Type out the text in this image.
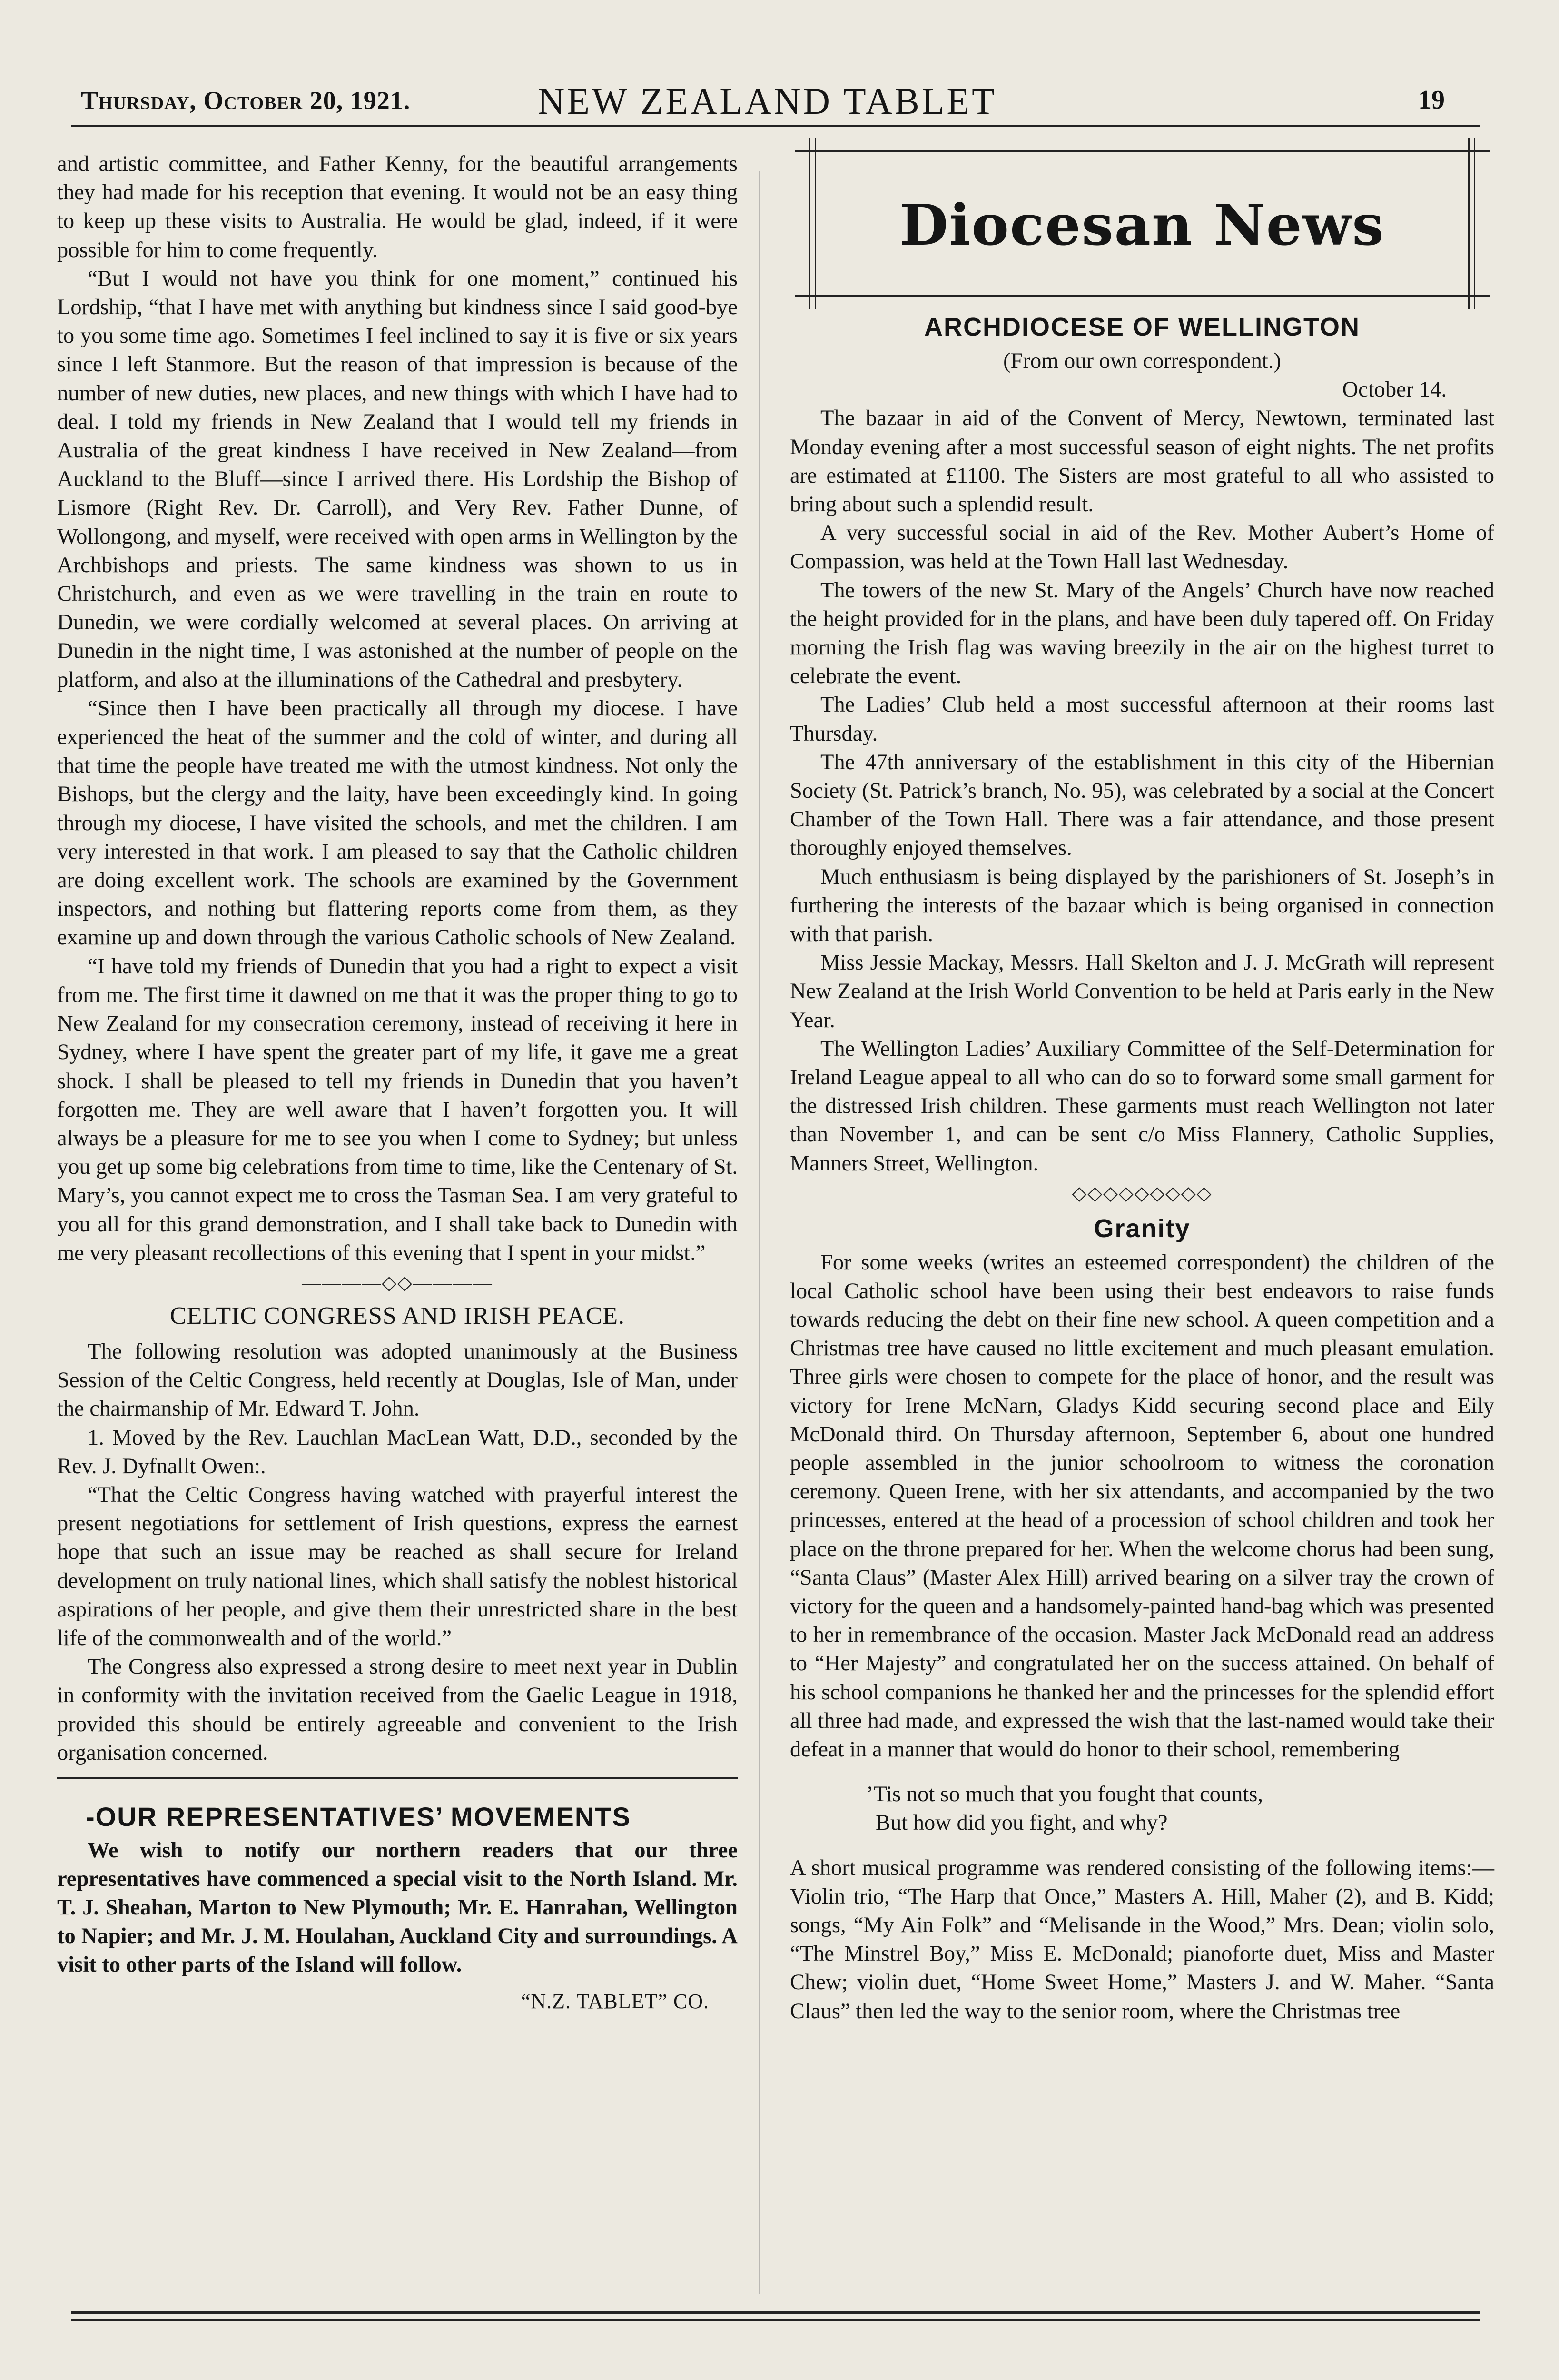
Thursday, October 20, 1921.	NEW ZEALAND TABLET	19

and artistic committee, and Father Kenny, for the beautiful arrangements they had made for his reception that evening. It would not be an easy thing to keep up these visits to Australia. He would be glad, indeed, if it were possible for him to come frequently.

“But I would not have you think for one moment,” continued his Lordship, “that I have met with anything but kindness since I said good-bye to you some time ago. Sometimes I feel inclined to say it is five or six years since I left Stanmore. But the reason of that impression is because of the number of new duties, new places, and new things with which I have had to deal. I told my friends in New Zealand that I would tell my friends in Australia of the great kindness I have received in New Zealand—from Auckland to the Bluff—since I arrived there. His Lordship the Bishop of Lismore (Right Rev. Dr. Carroll), and Very Rev. Father Dunne, of Wollongong, and myself, were received with open arms in Wellington by the Archbishops and priests. The same kindness was shown to us in Christchurch, and even as we were travelling in the train en route to Dunedin, we were cordially welcomed at several places. On arriving at Dunedin in the night time, I was astonished at the number of people on the platform, and also at the illuminations of the Cathedral and presbytery.

“Since then I have been practically all through my diocese. I have experienced the heat of the summer and the cold of winter, and during all that time the people have treated me with the utmost kindness. Not only the Bishops, but the clergy and the laity, have been exceedingly kind. In going through my diocese, I have visited the schools, and met the children. I am very interested in that work. I am pleased to say that the Catholic children are doing excellent work. The schools are examined by the Government inspectors, and nothing but flattering reports come from them, as they examine up and down through the various Catholic schools of New Zealand.

“I have told my friends of Dunedin that you had a right to expect a visit from me. The first time it dawned on me that it was the proper thing to go to New Zealand for my consecration ceremony, instead of receiving it here in Sydney, where I have spent the greater part of my life, it gave me a great shock. I shall be pleased to tell my friends in Dunedin that you haven’t forgotten me. They are well aware that I haven’t forgotten you. It will always be a pleasure for me to see you when I come to Sydney; but unless you get up some big celebrations from time to time, like the Centenary of St. Mary’s, you cannot expect me to cross the Tasman Sea. I am very grateful to you all for this grand demonstration, and I shall take back to Dunedin with me very pleasant recollections of this evening that I spent in your midst.”

————◇◇————
CELTIC CONGRESS AND IRISH PEACE.

The following resolution was adopted unanimously at the Business Session of the Celtic Congress, held recently at Douglas, Isle of Man, under the chairmanship of Mr. Edward T. John.

1. Moved by the Rev. Lauchlan MacLean Watt, D.D., seconded by the Rev. J. Dyfnallt Owen:.

“That the Celtic Congress having watched with prayerful interest the present negotiations for settlement of Irish questions, express the earnest hope that such an issue may be reached as shall secure for Ireland development on truly national lines, which shall satisfy the noblest historical aspirations of her people, and give them their unrestricted share in the best life of the commonwealth and of the world.”

The Congress also expressed a strong desire to meet next year in Dublin in conformity with the invitation received from the Gaelic League in 1918, provided this should be entirely agreeable and convenient to the Irish organisation concerned.

-OUR REPRESENTATIVES’ MOVEMENTS

We wish to notify our northern readers that our three representatives have commenced a special visit to the North Island. Mr. T. J. Sheahan, Marton to New Plymouth; Mr. E. Hanrahan, Wellington to Napier; and Mr. J. M. Houlahan, Auckland City and surroundings. A visit to other parts of the Island will follow.

“N.Z. TABLET” CO.
Diocesan News
ARCHDIOCESE OF WELLINGTON
(From our own correspondent.)
October 14.

The bazaar in aid of the Convent of Mercy, Newtown, terminated last Monday evening after a most successful season of eight nights. The net profits are estimated at £1100. The Sisters are most grateful to all who assisted to bring about such a splendid result.

A very successful social in aid of the Rev. Mother Aubert’s Home of Compassion, was held at the Town Hall last Wednesday.

The towers of the new St. Mary of the Angels’ Church have now reached the height provided for in the plans, and have been duly tapered off. On Friday morning the Irish flag was waving breezily in the air on the highest turret to celebrate the event.

The Ladies’ Club held a most successful afternoon at their rooms last Thursday.

The 47th anniversary of the establishment in this city of the Hibernian Society (St. Patrick’s branch, No. 95), was celebrated by a social at the Concert Chamber of the Town Hall. There was a fair attendance, and those present thoroughly enjoyed themselves.

Much enthusiasm is being displayed by the parishioners of St. Joseph’s in furthering the interests of the bazaar which is being organised in connection with that parish.

Miss Jessie Mackay, Messrs. Hall Skelton and J. J. McGrath will represent New Zealand at the Irish World Convention to be held at Paris early in the New Year.

The Wellington Ladies’ Auxiliary Committee of the Self-Determination for Ireland League appeal to all who can do so to forward some small garment for the distressed Irish children. These garments must reach Wellington not later than November 1, and can be sent c/o Miss Flannery, Catholic Supplies, Manners Street, Wellington.

◇◇◇◇◇◇◇◇◇
Granity

For some weeks (writes an esteemed correspondent) the children of the local Catholic school have been using their best endeavors to raise funds towards reducing the debt on their fine new school. A queen competition and a Christmas tree have caused no little excitement and much pleasant emulation. Three girls were chosen to compete for the place of honor, and the result was victory for Irene McNarn, Gladys Kidd securing second place and Eily McDonald third. On Thursday afternoon, September 6, about one hundred people assembled in the junior schoolroom to witness the coronation ceremony. Queen Irene, with her six attendants, and accompanied by the two princesses, entered at the head of a procession of school children and took her place on the throne prepared for her. When the welcome chorus had been sung, “Santa Claus” (Master Alex Hill) arrived bearing on a silver tray the crown of victory for the queen and a handsomely-painted hand-bag which was presented to her in remembrance of the occasion. Master Jack McDonald read an address to “Her Majesty” and congratulated her on the success attained. On behalf of his school companions he thanked her and the princesses for the splendid effort all three had made, and expressed the wish that the last-named would take their defeat in a manner that would do honor to their school, remembering

’Tis not so much that you fought that counts,
But how did you fight, and why?

A short musical programme was rendered consisting of the following items:—Violin trio, “The Harp that Once,” Masters A. Hill, Maher (2), and B. Kidd; songs, “My Ain Folk” and “Melisande in the Wood,” Mrs. Dean; violin solo, “The Minstrel Boy,” Miss E. McDonald; pianoforte duet, Miss and Master Chew; violin duet, “Home Sweet Home,” Masters J. and W. Maher. “Santa Claus” then led the way to the senior room, where the Christmas tree
